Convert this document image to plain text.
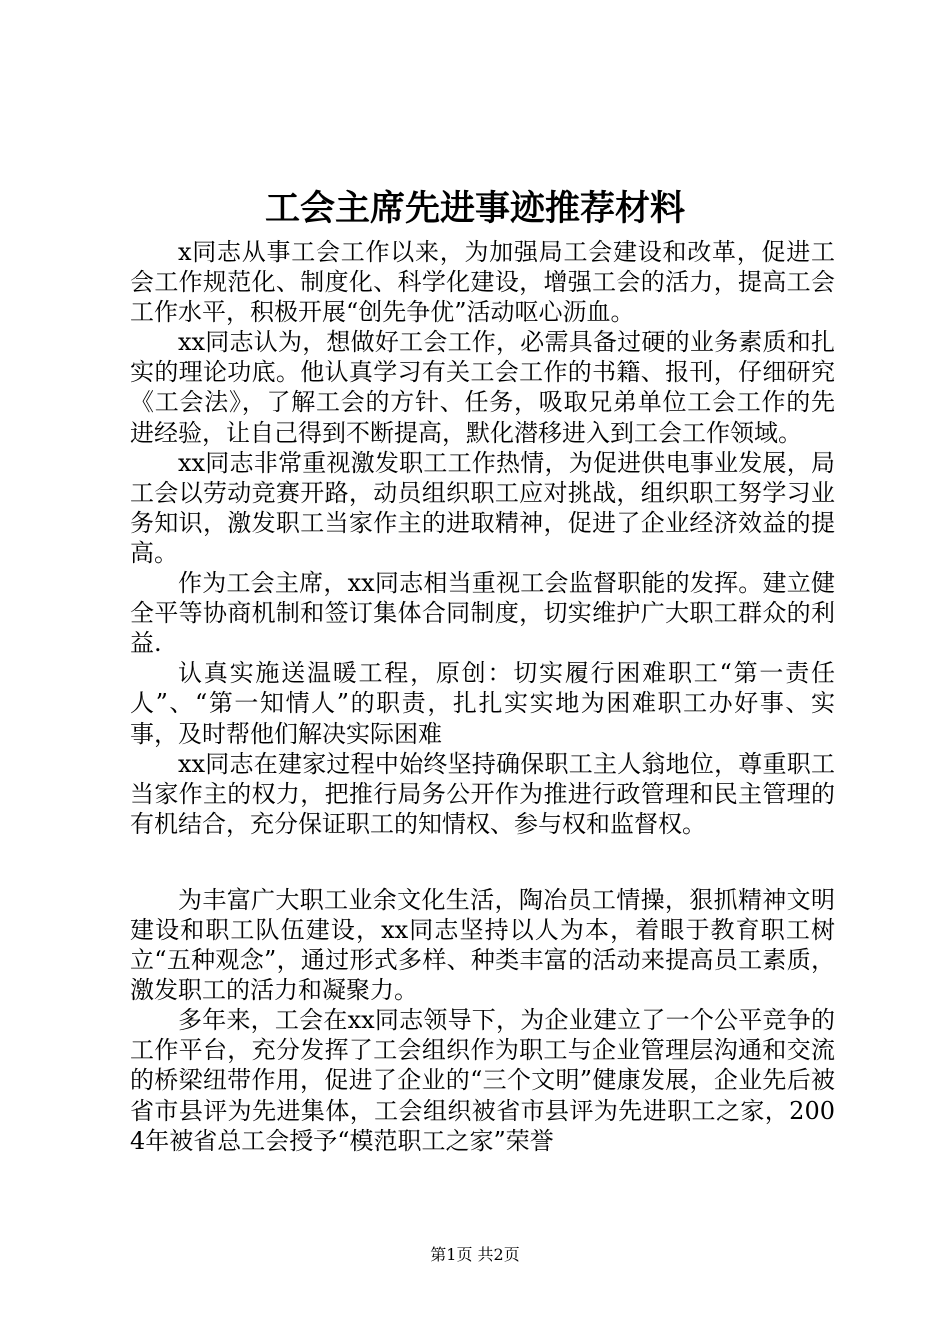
工会主席先进事迹推荐材料

x同志从事工会工作以来，为加强局工会建设和改革，促进工会工作规范化、制度化、科学化建设，增强工会的活力，提高工会工作水平，积极开展“创先争优”活动呕心沥血。

xx同志认为，想做好工会工作，必需具备过硬的业务素质和扎实的理论功底。他认真学习有关工会工作的书籍、报刊，仔细研究《工会法》，了解工会的方针、任务，吸取兄弟单位工会工作的先进经验，让自己得到不断提高，默化潜移进入到工会工作领域。

xx同志非常重视激发职工工作热情，为促进供电事业发展，局工会以劳动竞赛开路，动员组织职工应对挑战，组织职工努学习业务知识，激发职工当家作主的进取精神，促进了企业经济效益的提高。

作为工会主席，xx同志相当重视工会监督职能的发挥。建立健全平等协商机制和签订集体合同制度，切实维护广大职工群众的利益.

认真实施送温暖工程，原创：切实履行困难职工“第一责任人”、“第一知情人”的职责，扎扎实实地为困难职工办好事、实事，及时帮他们解决实际困难

xx同志在建家过程中始终坚持确保职工主人翁地位，尊重职工当家作主的权力，把推行局务公开作为推进行政管理和民主管理的有机结合，充分保证职工的知情权、参与权和监督权。

为丰富广大职工业余文化生活，陶冶员工情操，狠抓精神文明建设和职工队伍建设，xx同志坚持以人为本，着眼于教育职工树立“五种观念”，通过形式多样、种类丰富的活动来提高员工素质，激发职工的活力和凝聚力。

多年来，工会在xx同志领导下，为企业建立了一个公平竞争的工作平台，充分发挥了工会组织作为职工与企业管理层沟通和交流的桥梁纽带作用，促进了企业的“三个文明”健康发展，企业先后被省市县评为先进集体，工会组织被省市县评为先进职工之家，2004年被省总工会授予“模范职工之家”荣誉

第1页 共2页
